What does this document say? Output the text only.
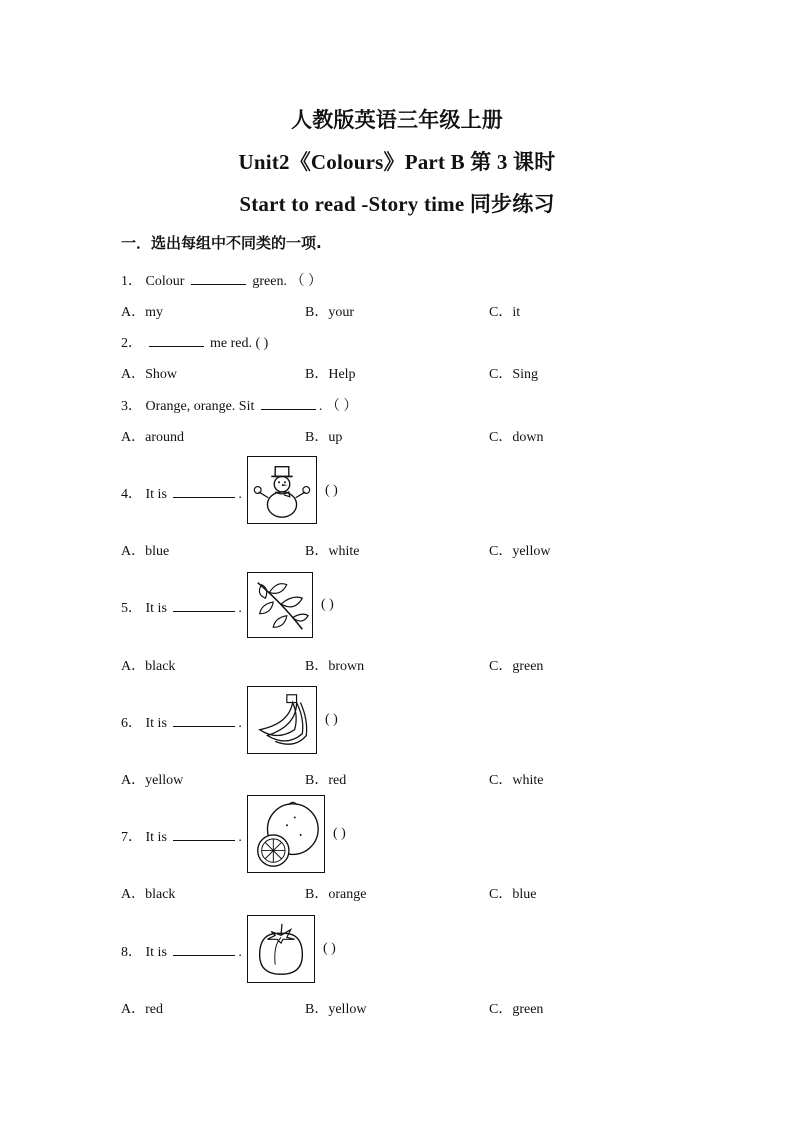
人教版英语三年级上册
Unit2《Colours》Part B 第 3 课时
Start to read -Story time 同步练习
一．选出每组中不同类的一项.
1． Colour	green. （ ）
A．my	B．your	C．it
2．	me red. ( )
A．Show	B．Help	C．Sing
3． Orange, orange. Sit	. （ ）
A．around	B．up	C．down
4． It is	.	( )
A．blue	B．white	C．yellow
5． It is	.	( )
A．black	B．brown	C．green
6． It is	.	( )
A．yellow	B．red	C．white
7． It is	.	( )
A．black	B．orange	C．blue
8． It is	.	( )
A．red	B．yellow	C．green
